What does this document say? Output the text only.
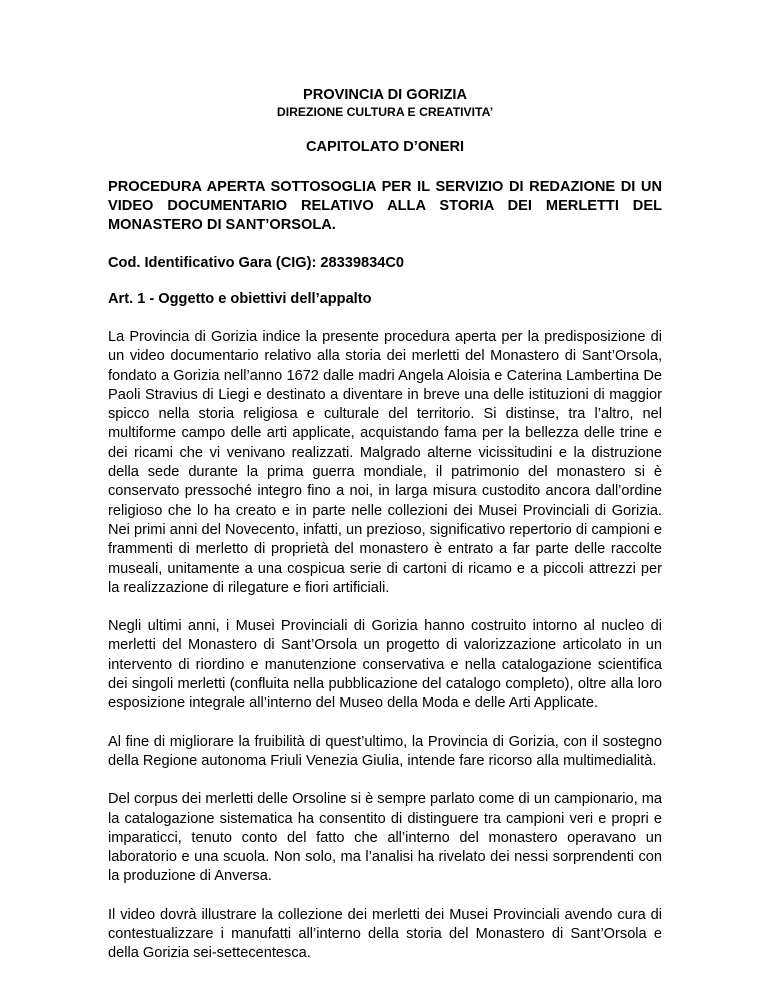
PROVINCIA DI GORIZIA

DIREZIONE CULTURA E CREATIVITA’

CAPITOLATO D’ONERI

PROCEDURA APERTA SOTTOSOGLIA PER IL SERVIZIO DI REDAZIONE DI UN VIDEO DOCUMENTARIO RELATIVO ALLA STORIA DEI MERLETTI DEL MONASTERO DI SANT’ORSOLA.

Cod. Identificativo Gara (CIG): 28339834C0

Art. 1 - Oggetto e obiettivi dell’appalto

La Provincia di Gorizia indice la presente procedura aperta per la predisposizione di un video documentario relativo alla storia dei merletti del Monastero di Sant’Orsola, fondato a Gorizia nell’anno 1672 dalle madri Angela Aloisia e Caterina Lambertina De Paoli Stravius di Liegi e destinato a diventare in breve una delle istituzioni di maggior spicco nella storia religiosa e culturale del territorio. Si distinse, tra l’altro, nel multiforme campo delle arti applicate, acquistando fama per la bellezza delle trine e dei ricami che vi venivano realizzati. Malgrado alterne vicissitudini e la distruzione della sede durante la prima guerra mondiale, il patrimonio del monastero si è conservato pressoché integro fino a noi, in larga misura custodito ancora dall’ordine religioso che lo ha creato e in parte nelle collezioni dei Musei Provinciali di Gorizia. Nei primi anni del Novecento, infatti, un prezioso, significativo repertorio di campioni e frammenti di merletto di proprietà del monastero è entrato a far parte delle raccolte museali, unitamente a una cospicua serie di cartoni di ricamo e a piccoli attrezzi per la realizzazione di rilegature e fiori artificiali.

Negli ultimi anni, i Musei Provinciali di Gorizia hanno costruito intorno al nucleo di merletti del Monastero di Sant’Orsola un progetto di valorizzazione articolato in un intervento di riordino e manutenzione conservativa e nella catalogazione scientifica dei singoli merletti (confluita nella pubblicazione del catalogo completo), oltre alla loro esposizione integrale all’interno del Museo della Moda e delle Arti Applicate.

Al fine di migliorare la fruibilità di quest’ultimo, la Provincia di Gorizia, con il sostegno della Regione autonoma Friuli Venezia Giulia, intende fare ricorso alla multimedialità.

Del corpus dei merletti delle Orsoline si è sempre parlato come di un campionario, ma la catalogazione sistematica ha consentito di distinguere tra campioni veri e propri e imparaticci, tenuto conto del fatto che all’interno del monastero operavano un laboratorio e una scuola. Non solo, ma l’analisi ha rivelato dei nessi sorprendenti con la produzione di Anversa.

Il video dovrà illustrare la collezione dei merletti dei Musei Provinciali avendo cura di contestualizzare i manufatti all’interno della storia del Monastero di Sant’Orsola e della Gorizia sei-settecentesca.
